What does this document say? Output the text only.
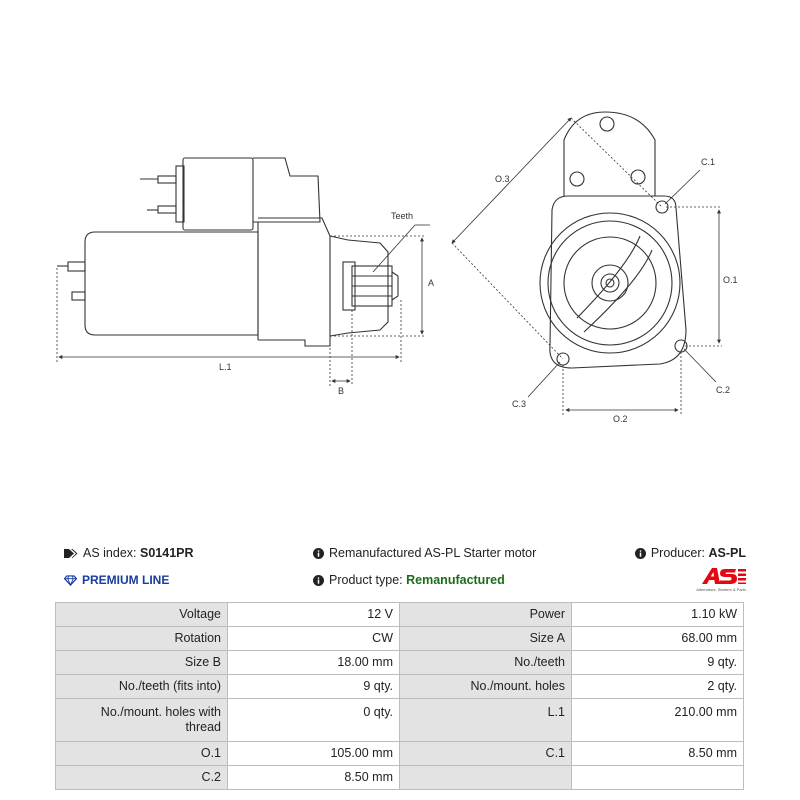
Teeth
A
L.1
B
O.3
C.1
O.1
C.2
C.3
O.2
AS index: S0141PR	Remanufactured AS-PL Starter motor	Producer: AS-PL
PREMIUM LINE	Product type: Remanufactured
Alternators, Starters & Parts
Voltage	12 V	Power	1.10 kW
Rotation	CW	Size A	68.00 mm
Size B	18.00 mm	No./teeth	9 qty.
No./teeth (fits into)	9 qty.	No./mount. holes	2 qty.
No./mount. holes with thread	0 qty.	L.1	210.00 mm
O.1	105.00 mm	C.1	8.50 mm
C.2	8.50 mm		
